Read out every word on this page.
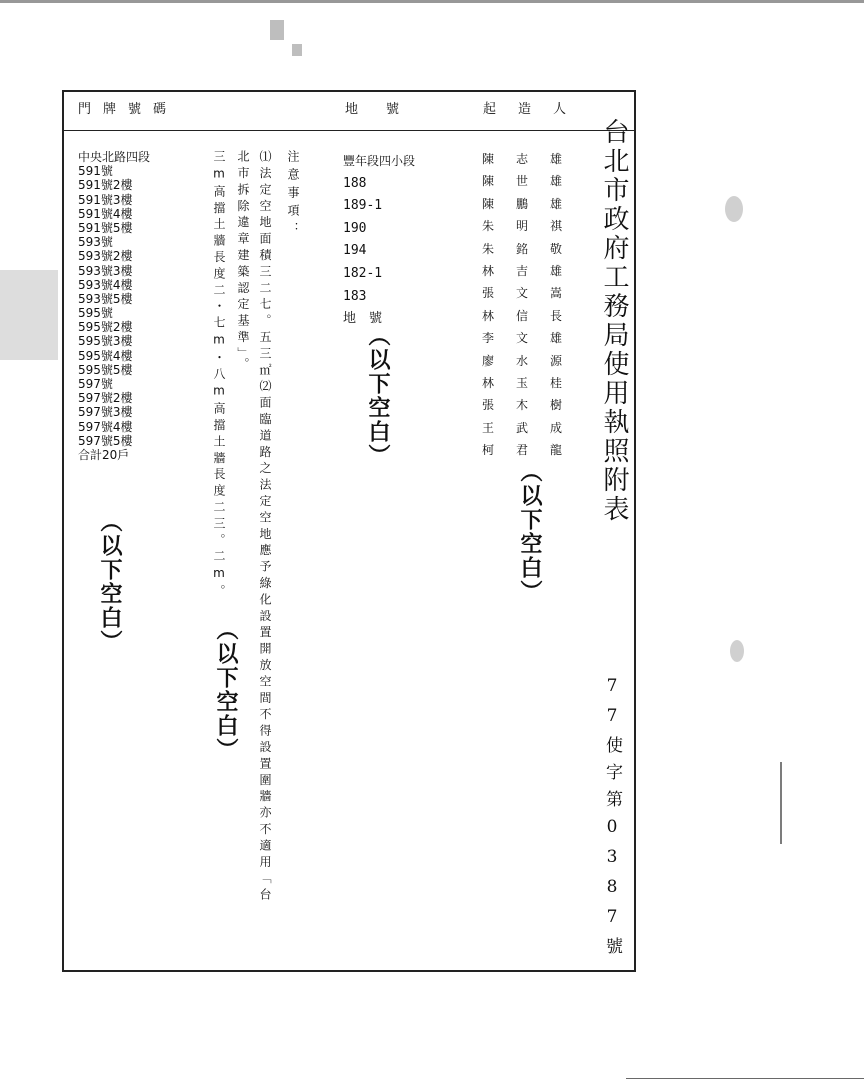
門牌號碼	地號	起造人
中央北路四段
591號
591號2樓
591號3樓
591號4樓
591號5樓
593號
593號2樓
593號3樓
593號4樓
593號5樓
595號
595號2樓
595號3樓
595號4樓
595號5樓
597號
597號2樓
597號3樓
597號4樓
597號5樓
合計20戶
（以下空白）
注意事項：
⑴法定空地面積三二七。五三㎡⑵面臨道路之法定空地應予綠化設置開放空間不得設置圍牆亦不適用「台
北市拆除違章建築認定基準」。
三m高擋土牆長度二・七m・八m高擋土牆長度二三。二m。
（以下空白）
豐年段四小段
188
189-1
190
194
182-1
183
地　號
（以下空白）
陳志雄
陳世雄
陳鵬雄
朱明祺
朱銘敬
林吉雄
張文嵩
林信長
李文雄
廖水源
林玉桂
張木樹
王武成
柯君龍
（以下空白）
台北市政府工務局使用執照附表
77使字第0387號
